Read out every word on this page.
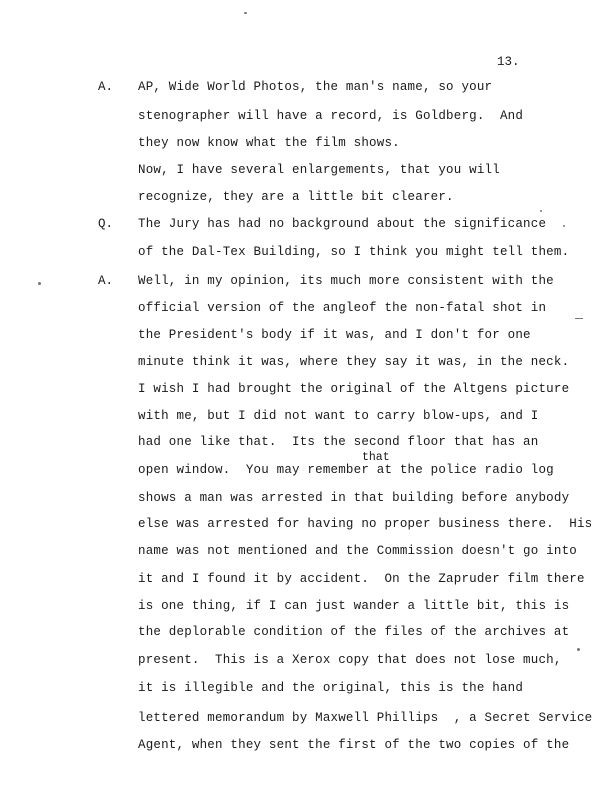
13.
A.
Q.
A.
AP, Wide World Photos, the man's name, so your
stenographer will have a record, is Goldberg.  And
they now know what the film shows.
Now, I have several enlargements, that you will
recognize, they are a little bit clearer.
The Jury has had no background about the significance
of the Dal-Tex Building, so I think you might tell them.
Well, in my opinion, its much more consistent with the
official version of the angleof the non-fatal shot in
the President's body if it was, and I don't for one
minute think it was, where they say it was, in the neck.
I wish I had brought the original of the Altgens picture
with me, but I did not want to carry blow-ups, and I
had one like that.  Its the second floor that has an
that
open window.  You may remember at the police radio log
shows a man was arrested in that building before anybody
else was arrested for having no proper business there.  His
name was not mentioned and the Commission doesn't go into
it and I found it by accident.  On the Zapruder film there
is one thing, if I can just wander a little bit, this is
the deplorable condition of the files of the archives at
present.  This is a Xerox copy that does not lose much,
it is illegible and the original, this is the hand
lettered memorandum by Maxwell Phillips  , a Secret Service
Agent, when they sent the first of the two copies of the
